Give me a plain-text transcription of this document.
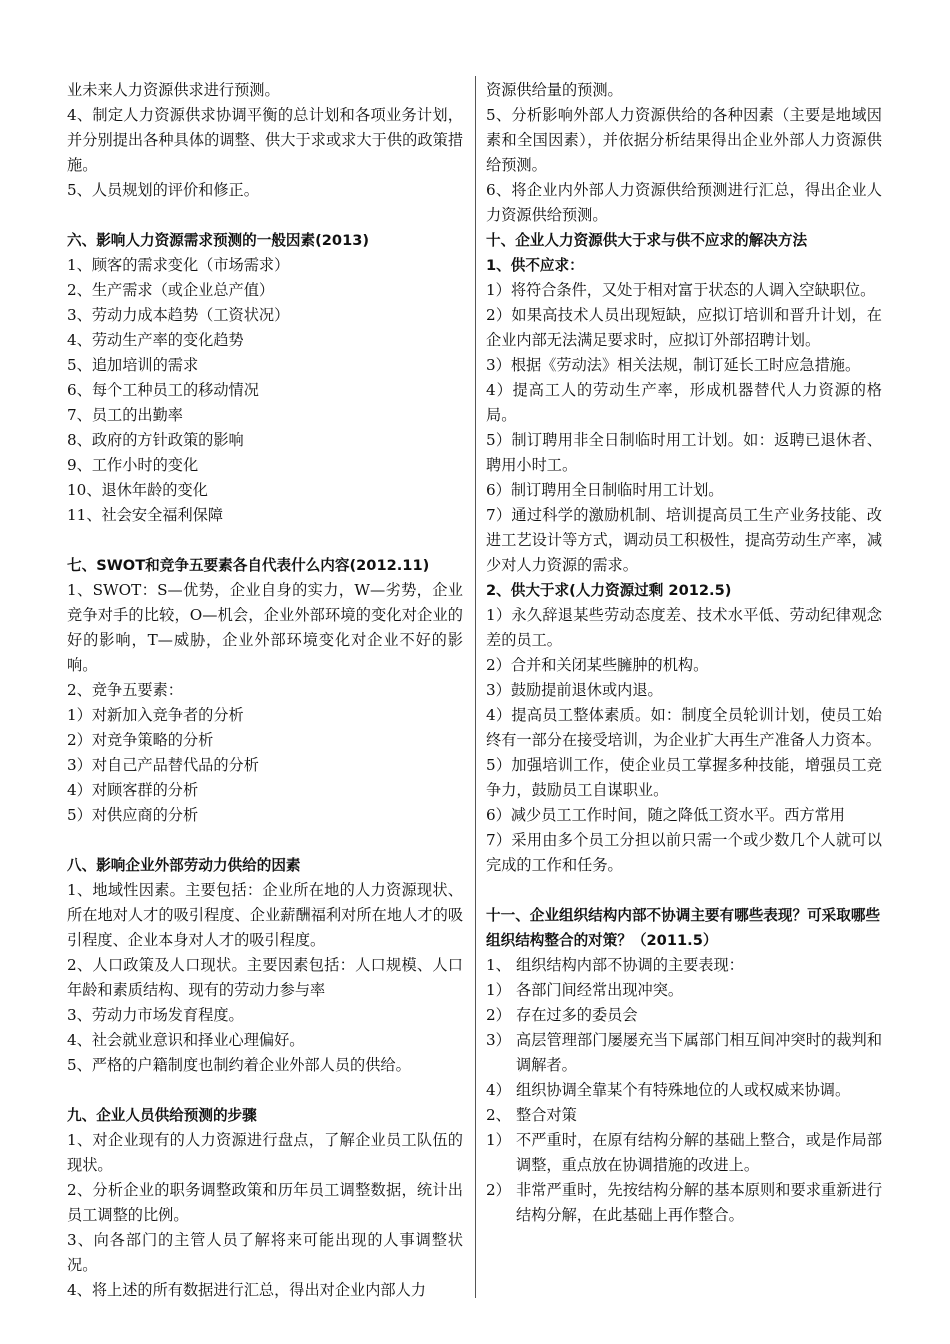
业未来人力资源供求进行预测。
4、制定人力资源供求协调平衡的总计划和各项业务计划，并分别提出各种具体的调整、供大于求或求大于供的政策措施。
5、人员规划的评价和修正。
六、影响人力资源需求预测的一般因素(2013)
1、顾客的需求变化（市场需求）
2、生产需求（或企业总产值）
3、劳动力成本趋势（工资状况）
4、劳动生产率的变化趋势
5、追加培训的需求
6、每个工种员工的移动情况
7、员工的出勤率
8、政府的方针政策的影响
9、工作小时的变化
10、退休年龄的变化
11、社会安全福利保障
七、SWOT和竞争五要素各自代表什么内容(2012.11)
1、SWOT：S—优势，企业自身的实力，W—劣势，企业竞争对手的比较，O—机会，企业外部环境的变化对企业的好的影响，T—威胁，企业外部环境变化对企业不好的影响。
2、竞争五要素：
1）对新加入竞争者的分析
2）对竞争策略的分析
3）对自己产品替代品的分析
4）对顾客群的分析
5）对供应商的分析
八、影响企业外部劳动力供给的因素
1、地域性因素。主要包括：企业所在地的人力资源现状、所在地对人才的吸引程度、企业薪酬福利对所在地人才的吸引程度、企业本身对人才的吸引程度。
2、人口政策及人口现状。主要因素包括：人口规模、人口年龄和素质结构、现有的劳动力参与率
3、劳动力市场发育程度。
4、社会就业意识和择业心理偏好。
5、严格的户籍制度也制约着企业外部人员的供给。
九、企业人员供给预测的步骤
1、对企业现有的人力资源进行盘点，了解企业员工队伍的现状。
2、分析企业的职务调整政策和历年员工调整数据，统计出员工调整的比例。
3、向各部门的主管人员了解将来可能出现的人事调整状况。
4、将上述的所有数据进行汇总，得出对企业内部人力
资源供给量的预测。
5、分析影响外部人力资源供给的各种因素（主要是地域因素和全国因素），并依据分析结果得出企业外部人力资源供给预测。
6、将企业内外部人力资源供给预测进行汇总，得出企业人力资源供给预测。
十、企业人力资源供大于求与供不应求的解决方法
1、供不应求：
1）将符合条件，又处于相对富于状态的人调入空缺职位。
2）如果高技术人员出现短缺，应拟订培训和晋升计划，在企业内部无法满足要求时，应拟订外部招聘计划。
3）根据《劳动法》相关法规，制订延长工时应急措施。
4）提高工人的劳动生产率，形成机器替代人力资源的格局。
5）制订聘用非全日制临时用工计划。如：返聘已退休者、聘用小时工。
6）制订聘用全日制临时用工计划。
7）通过科学的激励机制、培训提高员工生产业务技能、改进工艺设计等方式，调动员工积极性，提高劳动生产率，减少对人力资源的需求。
2、供大于求(人力资源过剩 2012.5)
1）永久辞退某些劳动态度差、技术水平低、劳动纪律观念差的员工。
2）合并和关闭某些臃肿的机构。
3）鼓励提前退休或内退。
4）提高员工整体素质。如：制度全员轮训计划，使员工始终有一部分在接受培训，为企业扩大再生产准备人力资本。
5）加强培训工作，使企业员工掌握多种技能，增强员工竞争力，鼓励员工自谋职业。
6）减少员工工作时间，随之降低工资水平。西方常用
7）采用由多个员工分担以前只需一个或少数几个人就可以完成的工作和任务。
十一、企业组织结构内部不协调主要有哪些表现？可采取哪些组织结构整合的对策？（2011.5）
1、 组织结构内部不协调的主要表现：
1） 各部门间经常出现冲突。
2） 存在过多的委员会
3） 高层管理部门屡屡充当下属部门相互间冲突时的裁判和调解者。
4） 组织协调全靠某个有特殊地位的人或权威来协调。
2、 整合对策
1） 不严重时，在原有结构分解的基础上整合，或是作局部调整，重点放在协调措施的改进上。
2） 非常严重时，先按结构分解的基本原则和要求重新进行结构分解，在此基础上再作整合。
